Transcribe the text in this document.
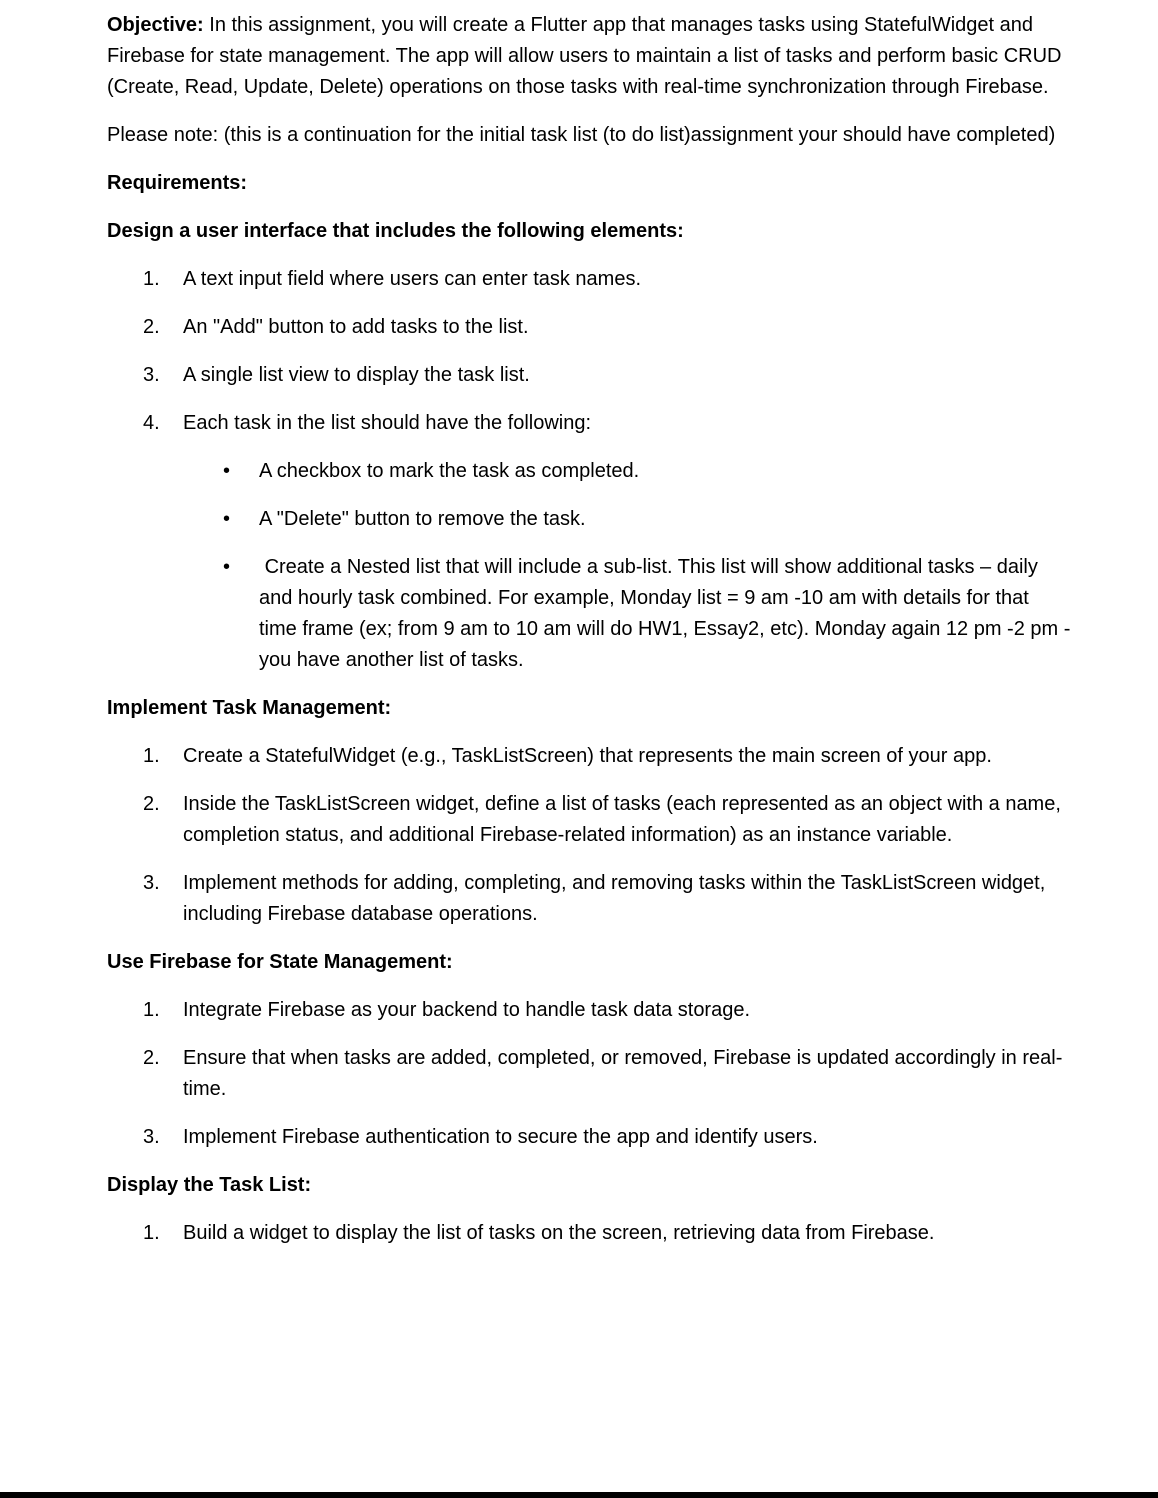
Objective: In this assignment, you will create a Flutter app that manages tasks using StatefulWidget and Firebase for state management. The app will allow users to maintain a list of tasks and perform basic CRUD (Create, Read, Update, Delete) operations on those tasks with real-time synchronization through Firebase.

Please note: (this is a continuation for the initial task list (to do list)assignment your should have completed)

Requirements:

Design a user interface that includes the following elements:

1. A text input field where users can enter task names.
2. An "Add" button to add tasks to the list.
3. A single list view to display the task list.
4. Each task in the list should have the following:
• A checkbox to mark the task as completed.
• A "Delete" button to remove the task.
• Create a Nested list that will include a sub-list. This list will show additional tasks – daily and hourly task combined. For example, Monday list = 9 am -10 am with details for that time frame (ex; from 9 am to 10 am will do HW1, Essay2, etc). Monday again 12 pm -2 pm - you have another list of tasks.

Implement Task Management:

1. Create a StatefulWidget (e.g., TaskListScreen) that represents the main screen of your app.
2. Inside the TaskListScreen widget, define a list of tasks (each represented as an object with a name, completion status, and additional Firebase-related information) as an instance variable.
3. Implement methods for adding, completing, and removing tasks within the TaskListScreen widget, including Firebase database operations.

Use Firebase for State Management:

1. Integrate Firebase as your backend to handle task data storage.
2. Ensure that when tasks are added, completed, or removed, Firebase is updated accordingly in real-time.
3. Implement Firebase authentication to secure the app and identify users.

Display the Task List:

1. Build a widget to display the list of tasks on the screen, retrieving data from Firebase.
